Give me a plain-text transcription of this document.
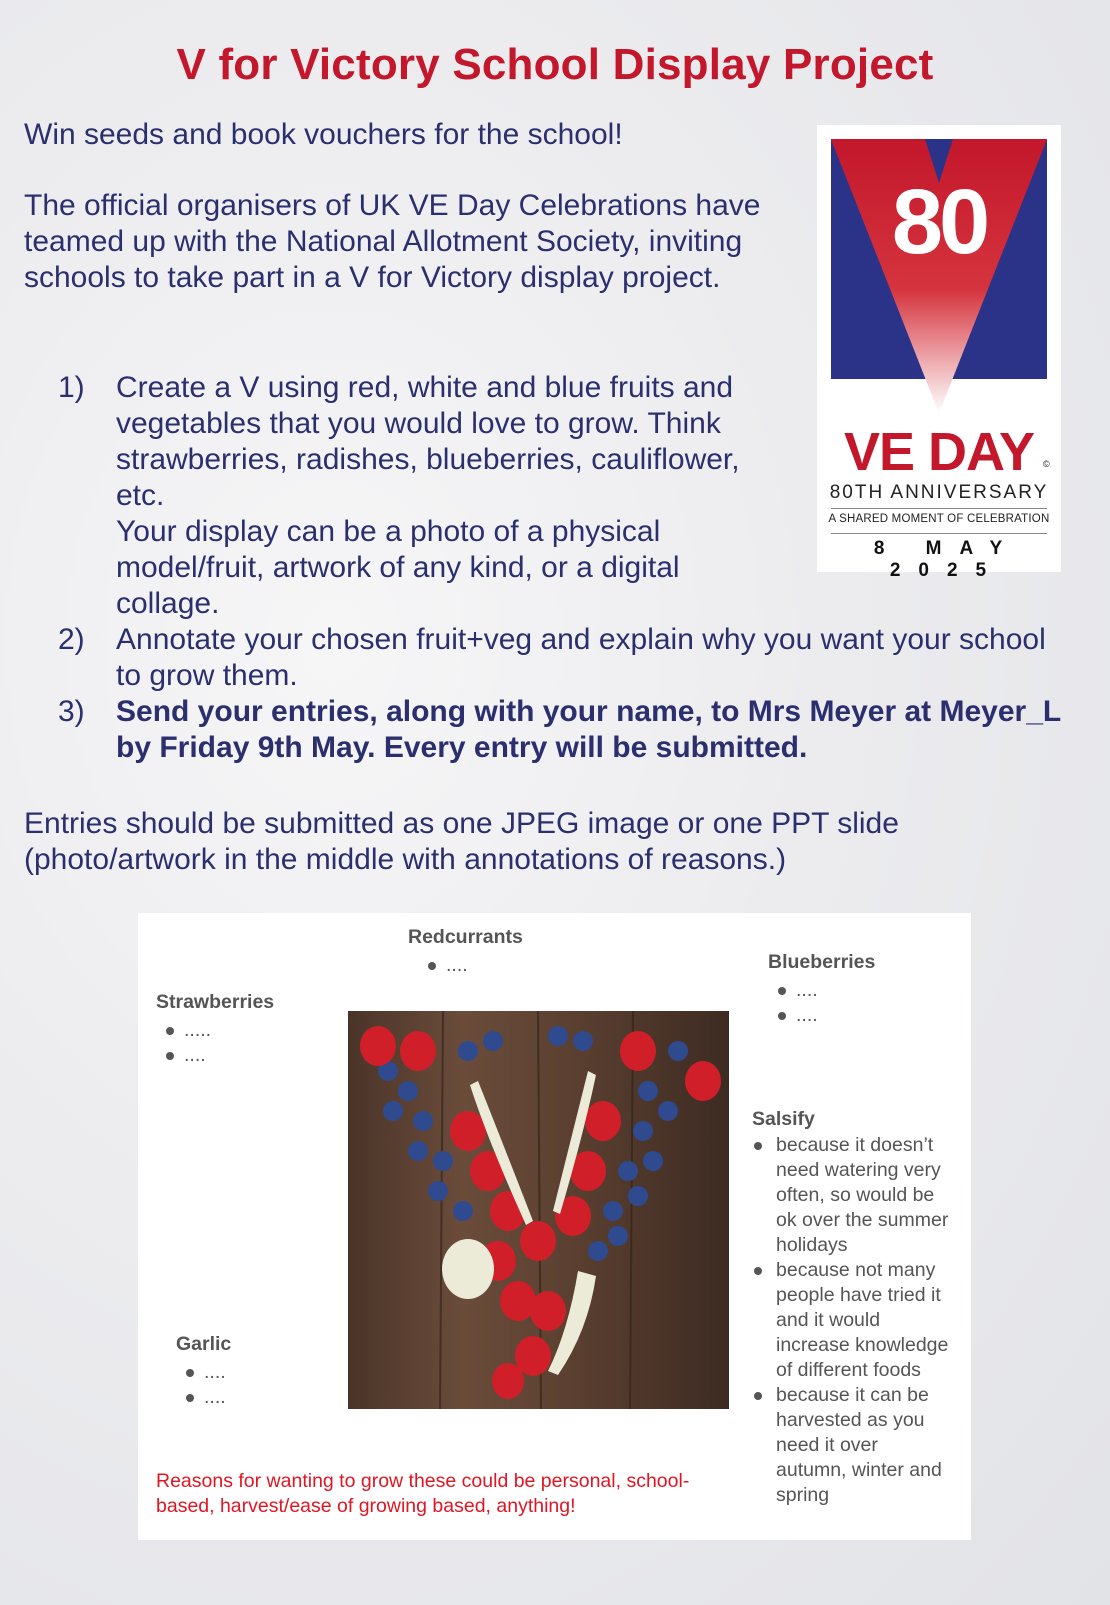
V for Victory School Display Project

Win seeds and book vouchers for the school!

The official organisers of UK VE Day Celebrations have teamed up with the National Allotment Society, inviting schools to take part in a V for Victory display project.

1)	Create a V using red, white and blue fruits and vegetables that you would love to grow. Think strawberries, radishes, blueberries, cauliflower, etc.
Your display can be a photo of a physical model/fruit, artwork of any kind, or a digital collage.
2)	Annotate your chosen fruit+veg and explain why you want your school to grow them.
3)	Send your entries, along with your name, to Mrs Meyer at Meyer_L by Friday 9th May. Every entry will be submitted.

Entries should be submitted as one JPEG image or one PPT slide (photo/artwork in the middle with annotations of reasons.)

80
VE DAY ©
80TH ANNIVERSARY
A SHARED MOMENT OF CELEBRATION
8 MAY 2025
Redcurrants
....	Blueberries
....
....
Strawberries
.....
....
Garlic
....
....
Salsify
because it doesn’t need watering very often, so would be ok over the summer holidays
because not many people have tried it and it would increase knowledge of different foods
because it can be harvested as you need it over autumn, winter and spring
Reasons for wanting to grow these could be personal, school-based, harvest/ease of growing based, anything!
